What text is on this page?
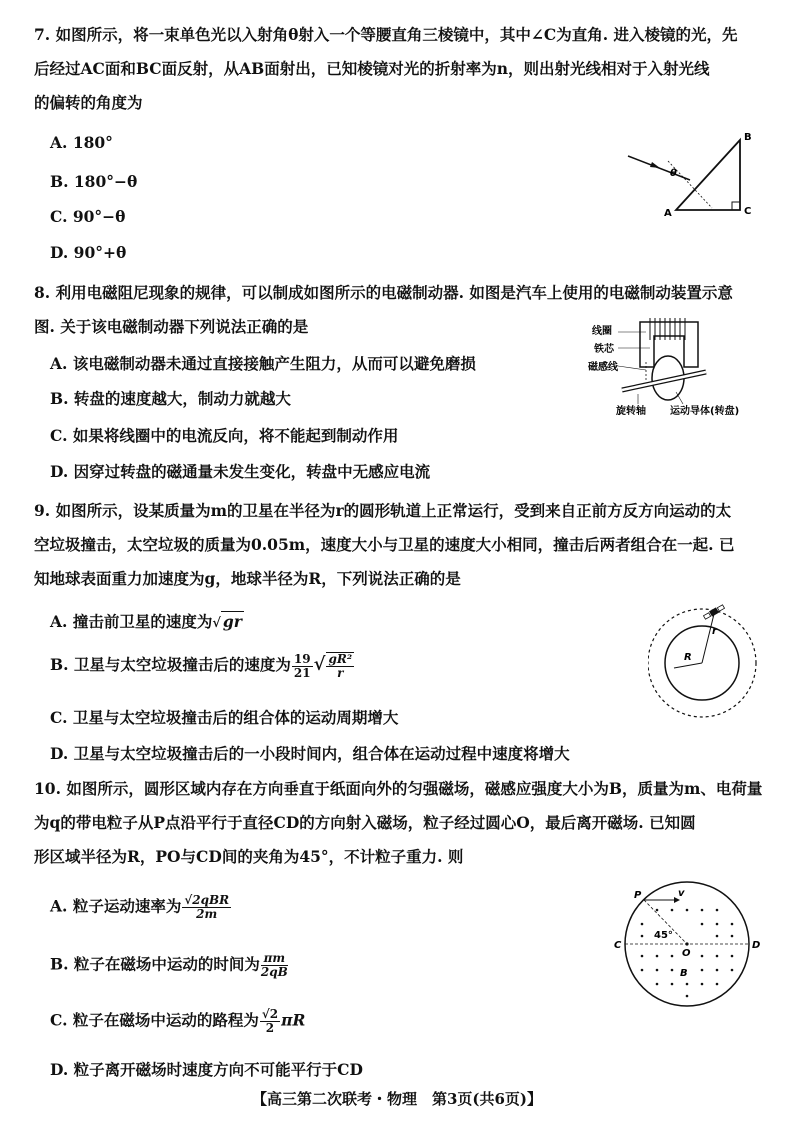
7. 如图所示，将一束单色光以入射角θ射入一个等腰直角三棱镜中，其中∠C为直角. 进入棱镜的光，先
后经过AC面和BC面反射，从AB面射出，已知棱镜对光的折射率为n，则出射光线相对于入射光线
的偏转的角度为
A. 180°
B. 180°−θ
C. 90°−θ
D. 90°+θ
θ
A
B
C
8. 利用电磁阻尼现象的规律，可以制成如图所示的电磁制动器. 如图是汽车上使用的电磁制动装置示意
图. 关于该电磁制动器下列说法正确的是
A. 该电磁制动器未通过直接接触产生阻力，从而可以避免磨损
B. 转盘的速度越大，制动力就越大
C. 如果将线圈中的电流反向，将不能起到制动作用
D. 因穿过转盘的磁通量未发生变化，转盘中无感应电流
线圈
铁芯
磁感线
旋转轴 运动导体(转盘)
9. 如图所示，设某质量为m的卫星在半径为r的圆形轨道上正常运行，受到来自正前方反方向运动的太
空垃圾撞击，太空垃圾的质量为0.05m，速度大小与卫星的速度大小相同，撞击后两者组合在一起. 已
知地球表面重力加速度为g，地球半径为R，下列说法正确的是
A. 撞击前卫星的速度为√ gr
B. 卫星与太空垃圾撞击后的速度为 $\frac{19}{21}$ √ $\frac{\text{gR²}}{r}$
C. 卫星与太空垃圾撞击后的组合体的运动周期增大
D. 卫星与太空垃圾撞击后的一小段时间内，组合体在运动过程中速度将增大
R
r
10. 如图所示，圆形区域内存在方向垂直于纸面向外的匀强磁场，磁感应强度大小为B，质量为m、电荷量
为q的带电粒子从P点沿平行于直径CD的方向射入磁场，粒子经过圆心O，最后离开磁场. 已知圆
形区域半径为R，PO与CD间的夹角为45°，不计粒子重力. 则
A. 粒子运动速率为 $\frac{\text{√2qBR}}{2m}$
B. 粒子在磁场中运动的时间为 $\frac{\pi m}{2qB}$
C. 粒子在磁场中运动的路程为 $\frac{√2}{2}$ πR
D. 粒子离开磁场时速度方向不可能平行于CD
P
C	D
O
B
45°
v
【高三第二次联考・物理　第3页(共6页)】
